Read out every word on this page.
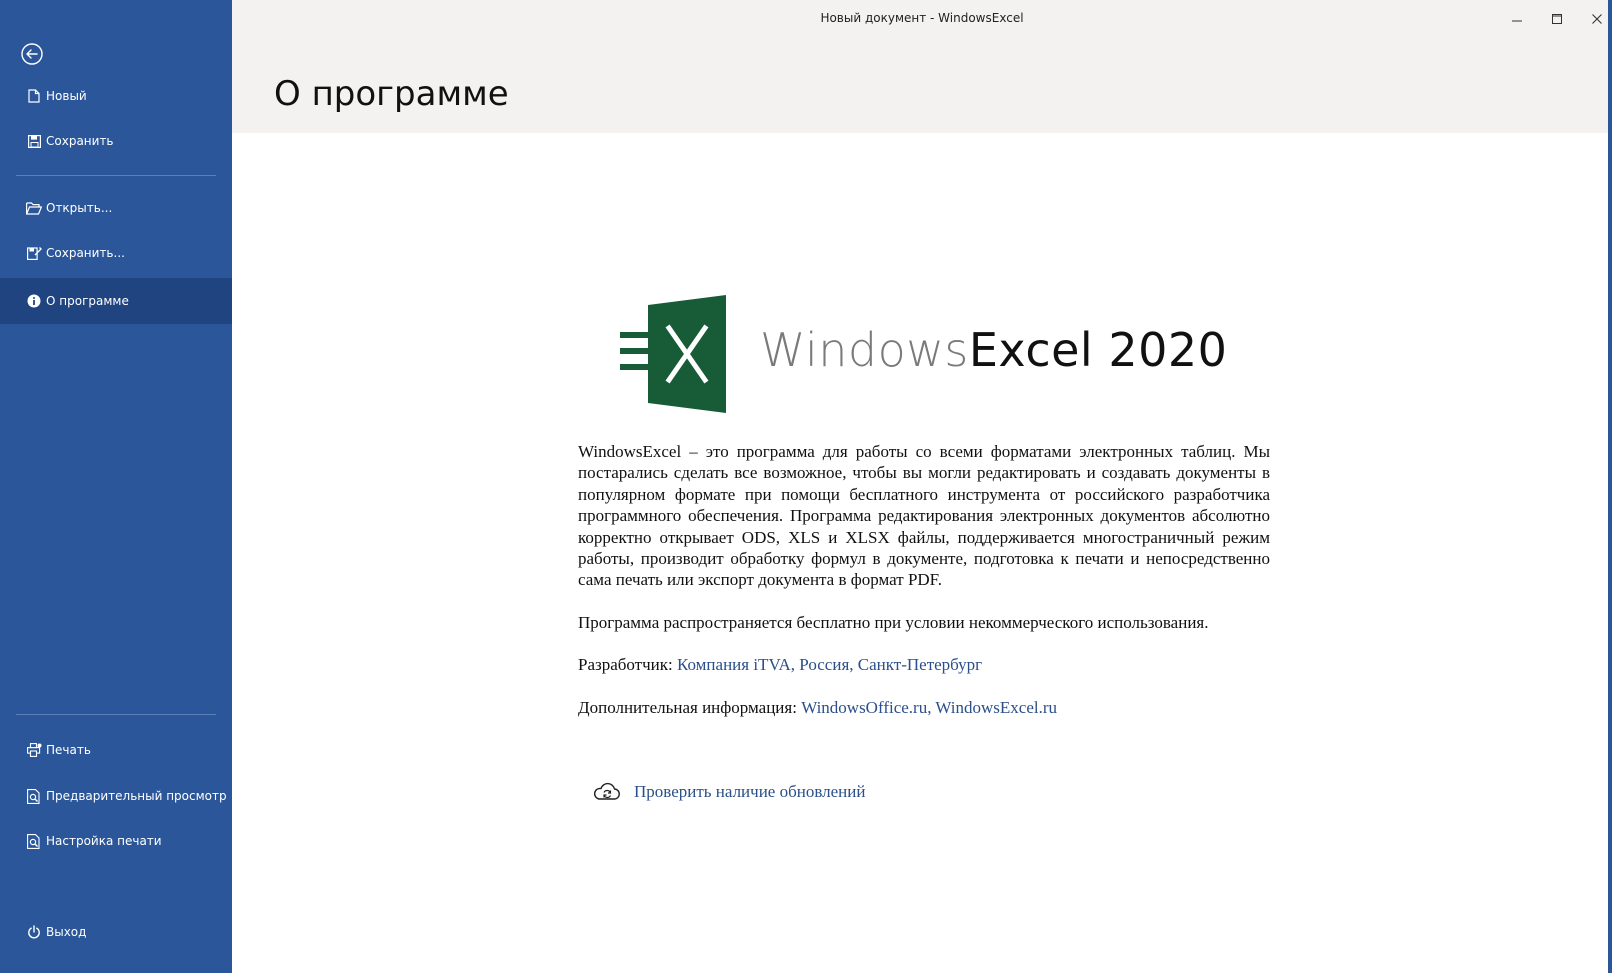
Новый
Сохранить
Открыть...
Сохранить...
О программе
Печать
Предварительный просмотр
Настройка печати
Выход
Новый документ - WindowsExcel
О программе
WindowsExcel 2020

WindowsExcel – это программа для работы со всеми форматами электронных таблиц. Мы постарались сделать все возможное, чтобы вы могли редактировать и создавать документы в популярном формате при помощи бесплатного инструмента от российского разработчика программного обеспечения. Программа редактирования электронных документов абсолютно корректно открывает ODS, XLS и XLSX файлы, поддерживается многостраничный режим работы, производит обработку формул в документе, подготовка к печати и непосредственно сама печать или экспорт документа в формат PDF.

Программа распространяется бесплатно при условии некоммерческого использования.
Разработчик: Компания iTVA, Россия, Санкт-Петербург
Дополнительная информация: WindowsOffice.ru, WindowsExcel.ru
Проверить наличие обновлений
